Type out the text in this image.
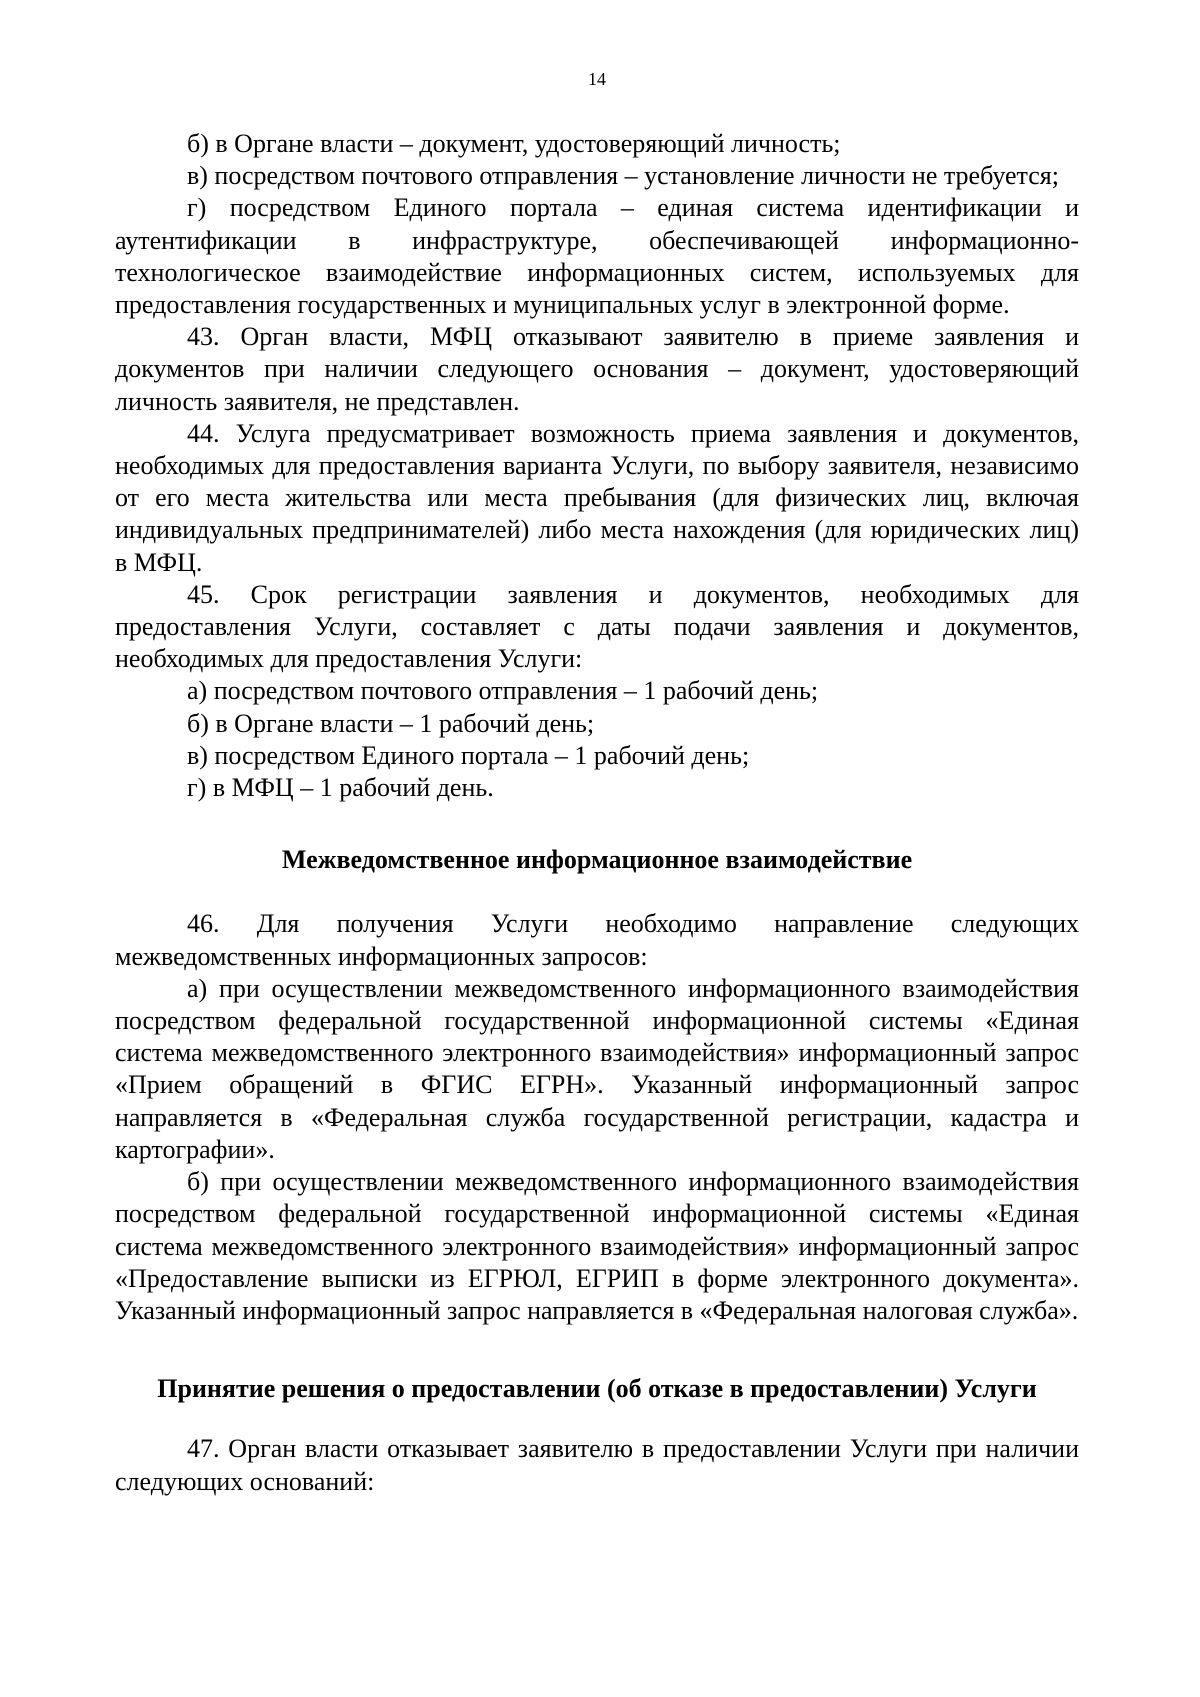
14

б) в Органе власти – документ, удостоверяющий личность;

в) посредством почтового отправления – установление личности не требуется;

г) посредством Единого портала – единая система идентификации и аутентификации в инфраструктуре, обеспечивающей информационно-технологическое взаимодействие информационных систем, используемых для предоставления государственных и муниципальных услуг в электронной форме.

43. Орган власти, МФЦ отказывают заявителю в приеме заявления и документов при наличии следующего основания – документ, удостоверяющий личность заявителя, не представлен.

44. Услуга предусматривает возможность приема заявления и документов, необходимых для предоставления варианта Услуги, по выбору заявителя, независимо от его места жительства или места пребывания (для физических лиц, включая индивидуальных предпринимателей) либо места нахождения (для юридических лиц) в МФЦ.

45. Срок регистрации заявления и документов, необходимых для предоставления Услуги, составляет с даты подачи заявления и документов, необходимых для предоставления Услуги:

а) посредством почтового отправления – 1 рабочий день;

б) в Органе власти – 1 рабочий день;

в) посредством Единого портала – 1 рабочий день;

г) в МФЦ – 1 рабочий день.

Межведомственное информационное взаимодействие

46. Для получения Услуги необходимо направление следующих межведомственных информационных запросов:

а) при осуществлении межведомственного информационного взаимодействия посредством федеральной государственной информационной системы «Единая система межведомственного электронного взаимодействия» информационный запрос «Прием обращений в ФГИС ЕГРН». Указанный информационный запрос направляется в «Федеральная служба государственной регистрации, кадастра и картографии».

б) при осуществлении межведомственного информационного взаимодействия посредством федеральной государственной информационной системы «Единая система межведомственного электронного взаимодействия» информационный запрос «Предоставление выписки из ЕГРЮЛ, ЕГРИП в форме электронного документа». Указанный информационный запрос направляется в «Федеральная налоговая служба».

Принятие решения о предоставлении (об отказе в предоставлении) Услуги

47. Орган власти отказывает заявителю в предоставлении Услуги при наличии следующих оснований:
